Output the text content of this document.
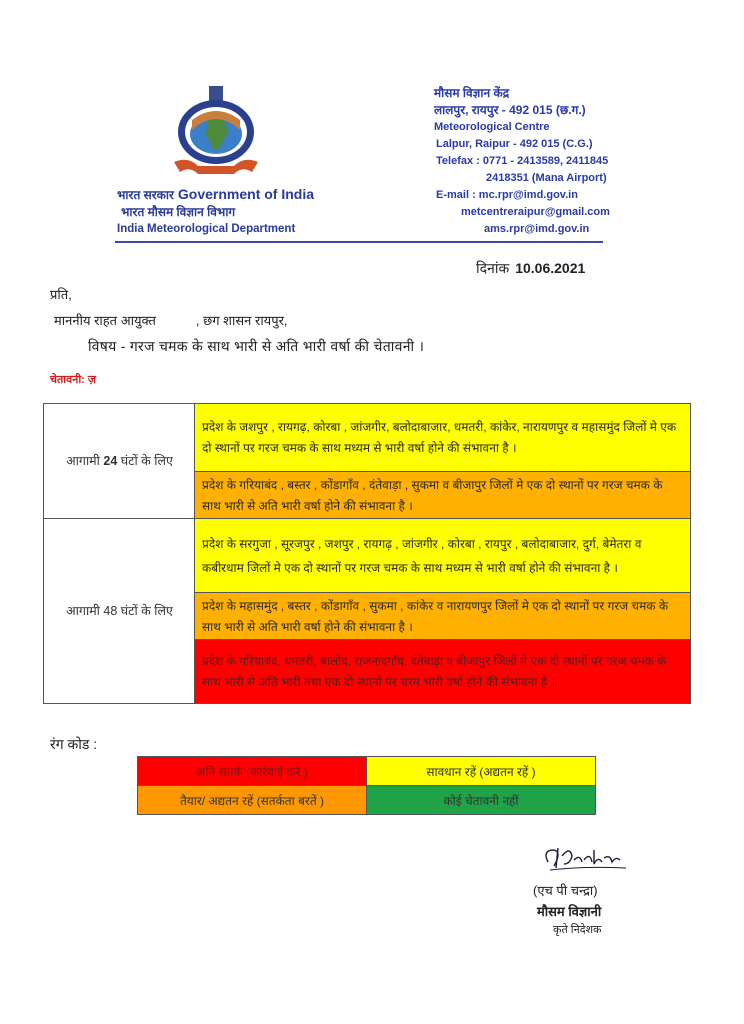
भारत सरकार Government of India
भारत मौसम विज्ञान विभाग
India Meteorological Department
मौसम विज्ञान केंद्र
लालपुर, रायपुर - 492 015 (छ.ग.)
Meteorological Centre
Lalpur, Raipur - 492 015 (C.G.)
Telefax : 0771 - 2413589, 2411845
2418351 (Mana Airport)
E-mail : mc.rpr@imd.gov.in
metcentreraipur@gmail.com
ams.rpr@imd.gov.in
दिनांक 10.06.2021
प्रति,
माननीय राहत आयुक्त	, छग शासन रायपुर,
विषय - गरज चमक के साथ भारी से अति भारी वर्षा की चेतावनी ।
चेतावनी: ज़
आगामी 24 घंटों के लिए	प्रदेश के जशपुर , रायगढ़, कोरबा , जांजगीर, बलोदाबाजार, धमतरी, कांकेर, नारायणपुर व महासमुंद जिलों मे एक दो स्थानों पर गरज चमक के साथ मध्यम से भारी वर्षा होने की संभावना है ।
	प्रदेश के गरियाबंद , बस्तर , कोंडागाँव , दंतेवाड़ा , सुकमा व बीजापुर जिलों मे एक दो स्थानों पर गरज चमक के साथ भारी से अति भारी वर्षा होने की संभावना है ।
आगामी 48 घंटों के लिए	प्रदेश के सरगुजा , सूरजपुर , जशपुर , रायगढ़ , जांजगीर , कोरबा , रायपुर , बलोदाबाजार, दुर्ग, बेमेतरा व कबीरधाम जिलों मे एक दो स्थानों पर गरज चमक के साथ मध्यम से भारी वर्षा होने की संभावना है ।
	प्रदेश के महासमुंद , बस्तर , कोंडागाँव , सुकमा , कांकेर व नारायणपुर जिलों मे एक दो स्थानों पर गरज चमक के साथ भारी से अति भारी वर्षा होने की संभावना है ।
	प्रदेश के गरियाबंद, धमतरी, बालोद, राजनांदगाँव, दंतेवाड़ा व बीजापुर जिलों मे एक दो स्थानों पर गरज चमक के साथ भारी से अति भारी तथा एक दो स्थानों पर चरम भारी वर्षा होने की संभावना है ।
रंग कोड :
अति सतर्क (कार्रवाई करे )	सावधान रहें (अद्यतन रहें )
तैयार/ अद्यतन रहें (सतर्कता बरतें )	कोई चेतावनी नहीं
(एच पी चन्द्रा)
मौसम विज्ञानी
कृते निदेशक
